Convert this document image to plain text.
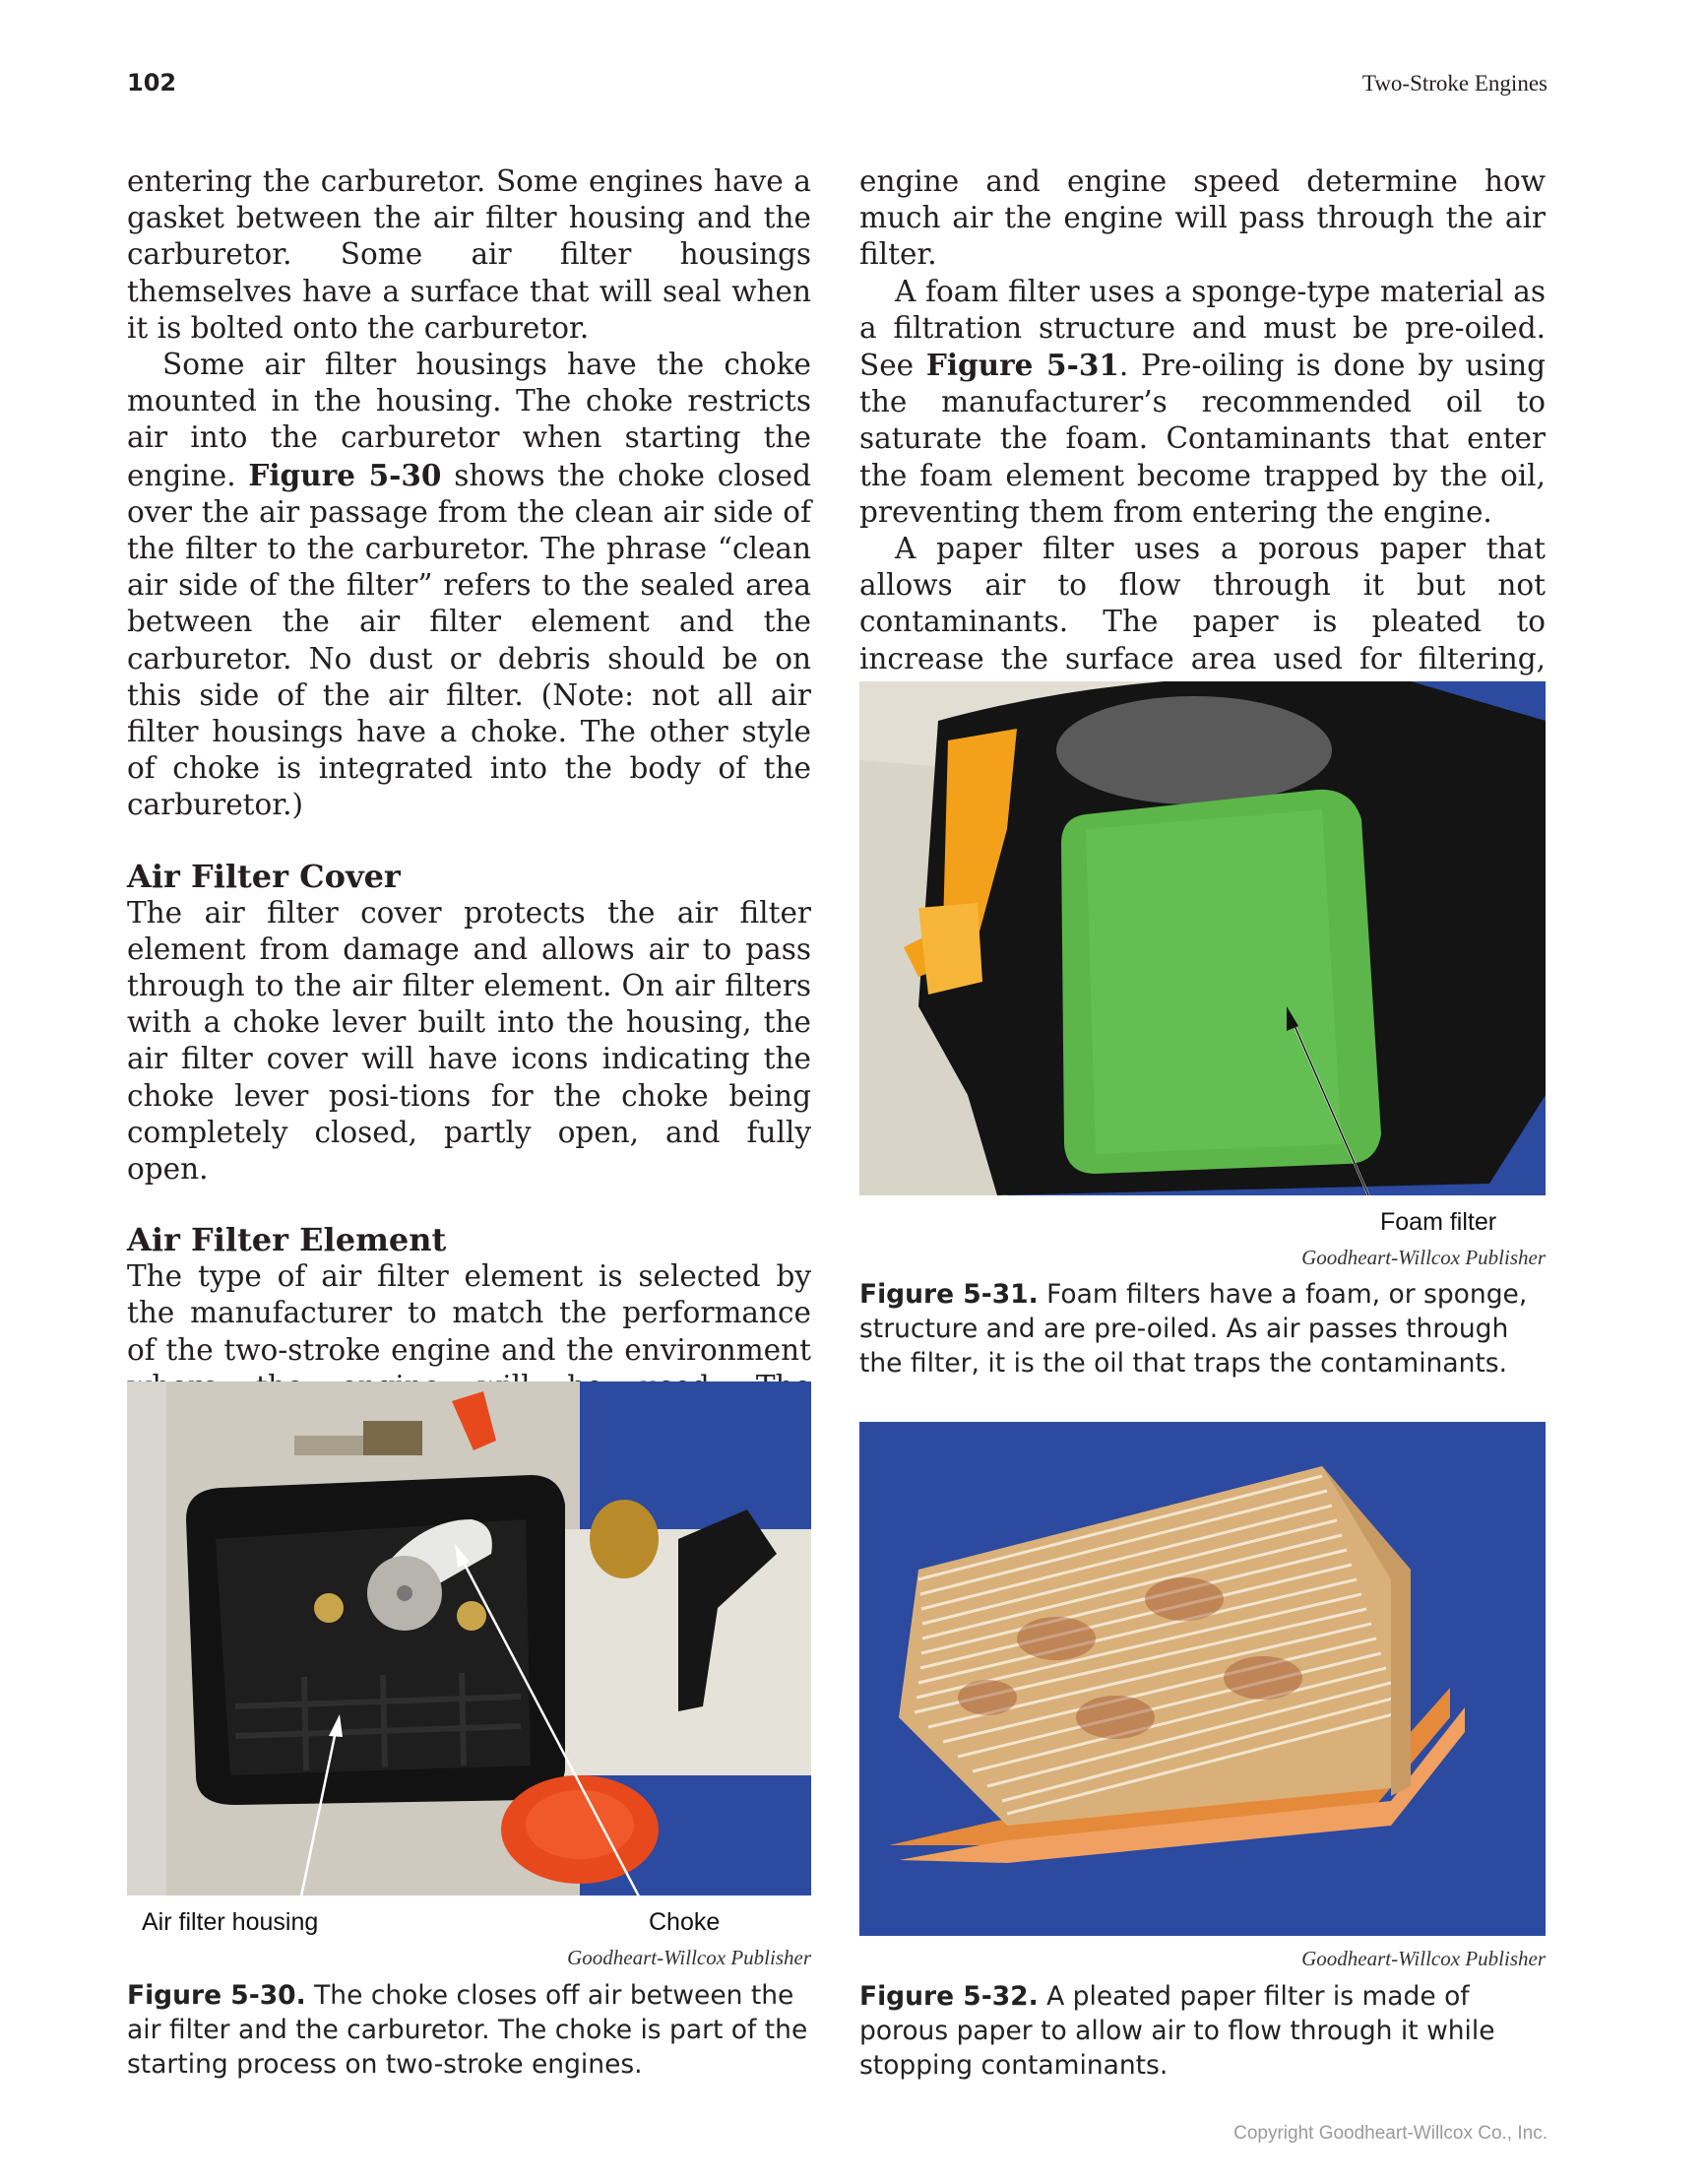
102	Two-Stroke Engines

entering the carburetor. Some engines have a gasket between the air filter housing and the carburetor. Some air filter housings themselves have a surface that will seal when it is bolted onto the carburetor.

Some air filter housings have the choke mounted in the housing. The choke restricts air into the carburetor when starting the engine. Figure 5-30 shows the choke closed over the air passage from the clean air side of the filter to the carburetor. The phrase “clean air side of the filter” refers to the sealed area between the air filter element and the carburetor. No dust or debris should be on this side of the air filter. (Note: not all air filter housings have a choke. The other style of choke is integrated into the body of the carburetor.)

Air Filter Cover

The air filter cover protects the air filter element from damage and allows air to pass through to the air filter element. On air filters with a choke lever built into the housing, the air filter cover will have icons indicating the choke lever posi-tions for the choke being completely closed, partly open, and fully open.

Air Filter Element

The type of air filter element is selected by the manufacturer to match the performance of the two-stroke engine and the environment

engine and engine speed determine how much air the engine will pass through the air filter.

A foam filter uses a sponge-type material as a filtration structure and must be pre-oiled. See Figure 5-31. Pre-oiling is done by using the manufacturer’s recommended oil to saturate the foam. Contaminants that enter the foam element become trapped by the oil, preventing them from entering the engine.

A paper filter uses a porous paper that allows air to flow through it but not contaminants. The paper is pleated to increase the surface area used for filtering,

Air filter housing	Choke
Goodheart-Willcox Publisher
Figure 5-30. The choke closes off air between the air filter and the carburetor. The choke is part of the starting process on two-stroke engines.
Foam filter
Goodheart-Willcox Publisher
Figure 5-31. Foam filters have a foam, or sponge, structure and are pre-oiled. As air passes through the filter, it is the oil that traps the contaminants.
Goodheart-Willcox Publisher
Figure 5-32. A pleated paper filter is made of porous paper to allow air to flow through it while stopping contaminants.
Copyright Goodheart-Willcox Co., Inc.
